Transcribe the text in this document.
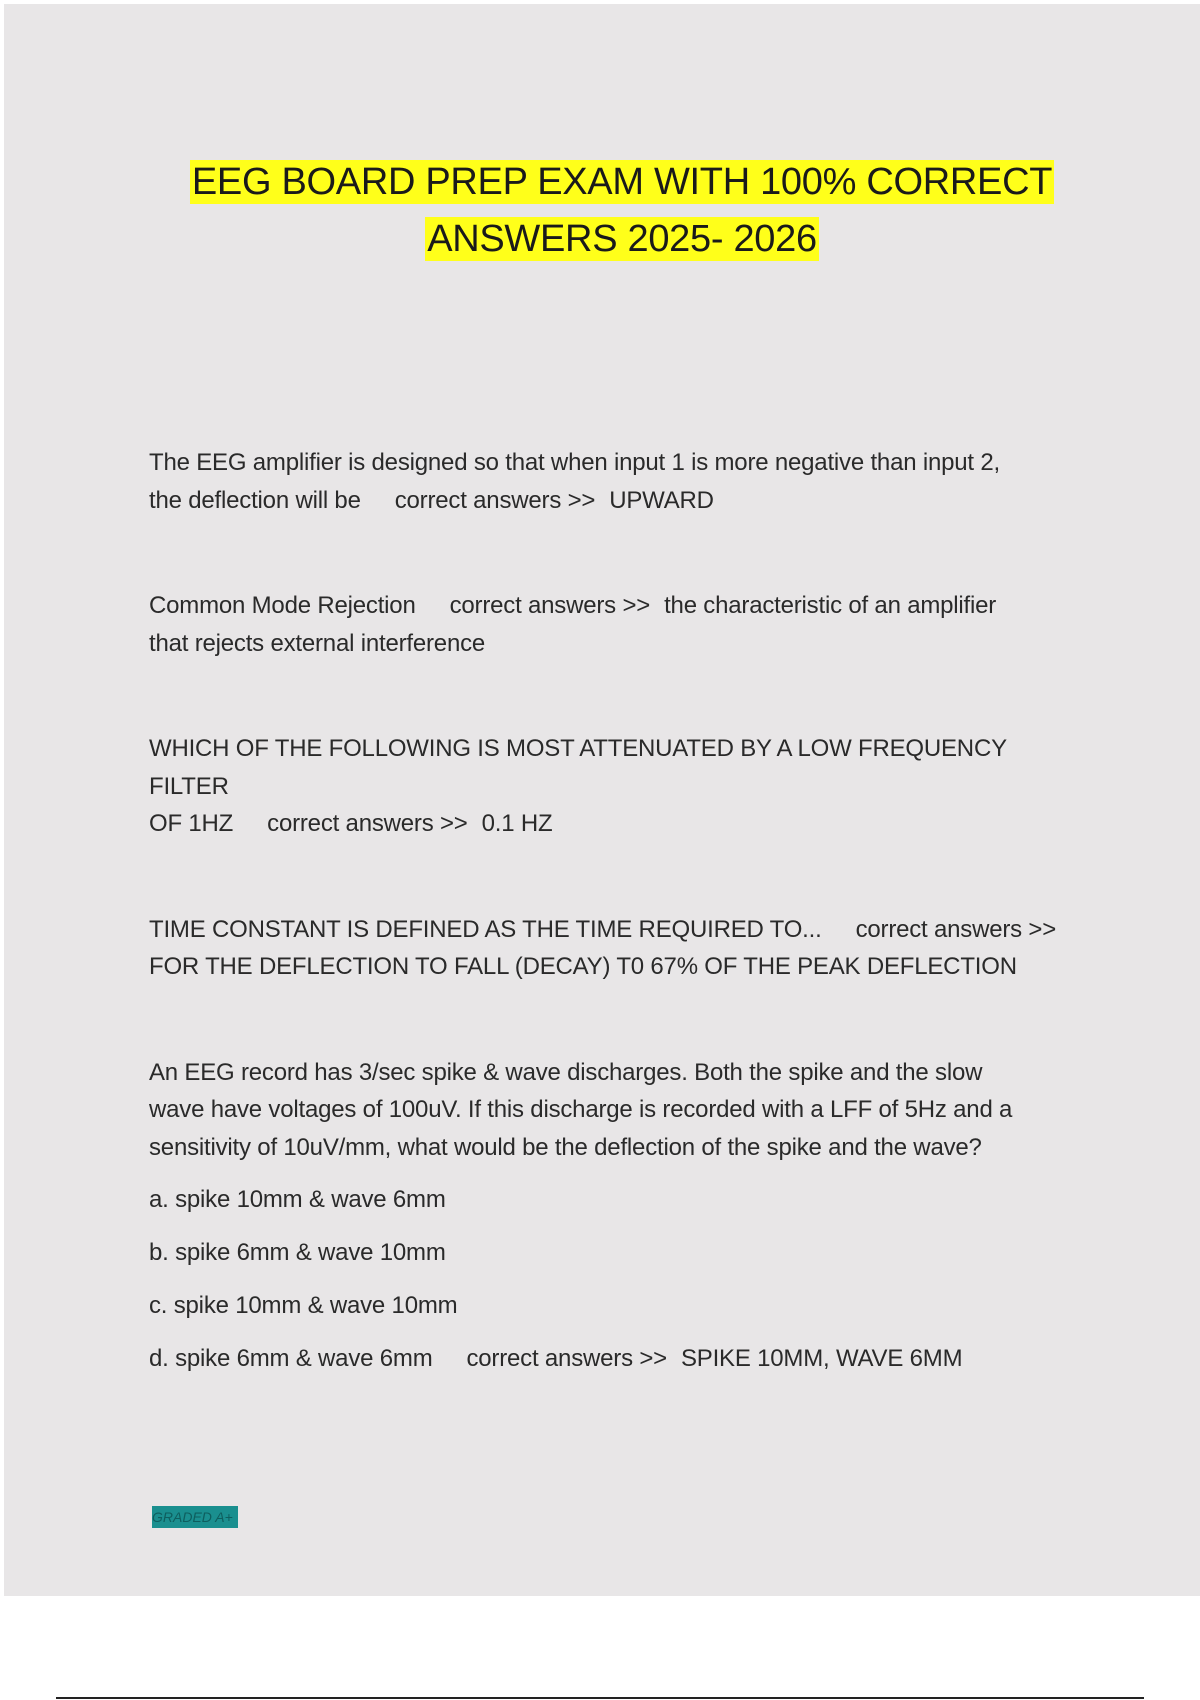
EEG BOARD PREP EXAM WITH 100% CORRECT
ANSWERS 2025- 2026
The EEG amplifier is designed so that when input 1 is more negative than input 2,
the deflection will be correct answers >> UPWARD
Common Mode Rejection correct answers >> the characteristic of an amplifier
that rejects external interference
WHICH OF THE FOLLOWING IS MOST ATTENUATED BY A LOW FREQUENCY FILTER
OF 1HZ correct answers >> 0.1 HZ
TIME CONSTANT IS DEFINED AS THE TIME REQUIRED TO... correct answers >>
FOR THE DEFLECTION TO FALL (DECAY) T0 67% OF THE PEAK DEFLECTION
An EEG record has 3/sec spike & wave discharges. Both the spike and the slow
wave have voltages of 100uV. If this discharge is recorded with a LFF of 5Hz and a
sensitivity of 10uV/mm, what would be the deflection of the spike and the wave?
a. spike 10mm & wave 6mm
b. spike 6mm & wave 10mm
c. spike 10mm & wave 10mm
d. spike 6mm & wave 6mm correct answers >> SPIKE 10MM, WAVE 6MM
GRADED A+
